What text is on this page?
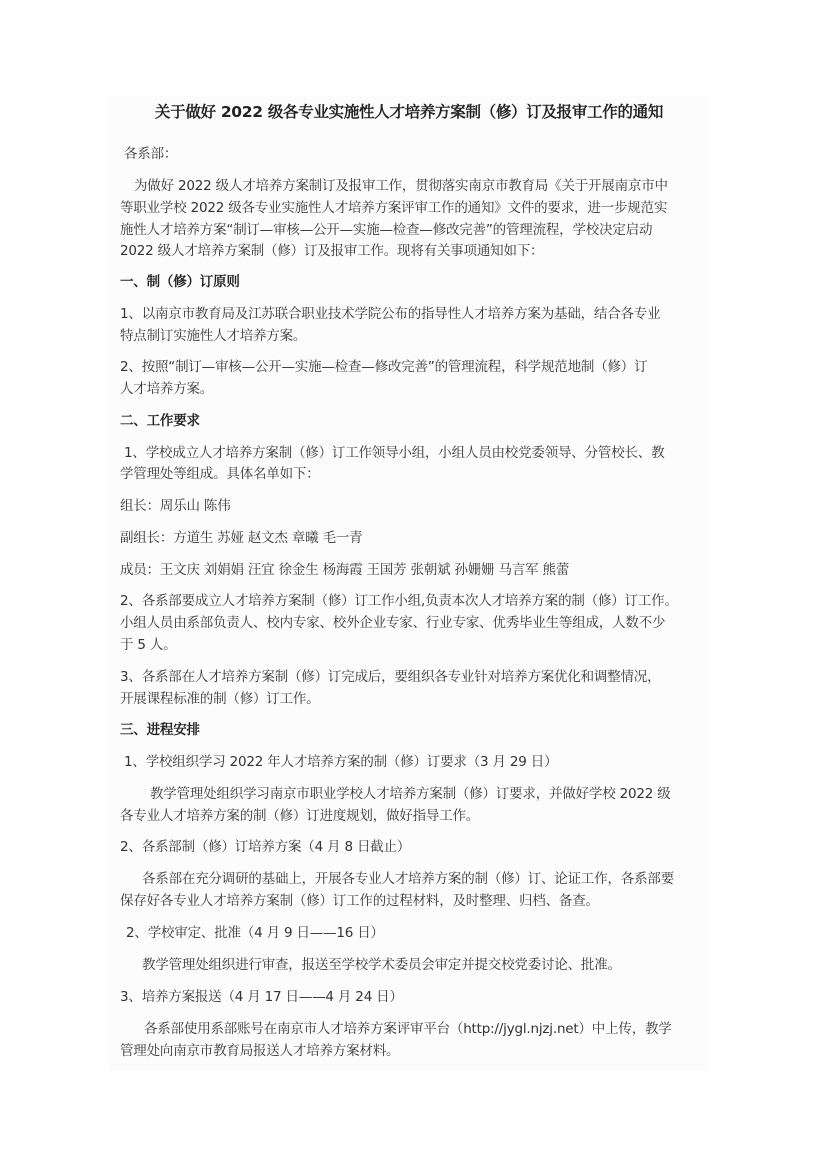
关于做好 2022 级各专业实施性人才培养方案制（修）订及报审工作的通知
各系部：
为做好 2022 级人才培养方案制订及报审工作，贯彻落实南京市教育局《关于开展南京市中
等职业学校 2022 级各专业实施性人才培养方案评审工作的通知》文件的要求，进一步规范实
施性人才培养方案“制订—审核—公开—实施—检查—修改完善”的管理流程，学校决定启动
2022 级人才培养方案制（修）订及报审工作。现将有关事项通知如下：
一、制（修）订原则
1、以南京市教育局及江苏联合职业技术学院公布的指导性人才培养方案为基础，结合各专业
特点制订实施性人才培养方案。
2、按照“制订—审核—公开—实施—检查—修改完善”的管理流程，科学规范地制（修）订
人才培养方案。
二、工作要求
1、学校成立人才培养方案制（修）订工作领导小组，小组人员由校党委领导、分管校长、教
学管理处等组成。具体名单如下：
组长：周乐山 陈伟
副组长：方道生 苏娅 赵文杰 章曦 毛一青
成员：王文庆 刘娟娟 汪宜 徐金生 杨海霞 王国芳 张朝斌 孙姗姗 马言军 熊蕾
2、各系部要成立人才培养方案制（修）订工作小组,负责本次人才培养方案的制（修）订工作。
小组人员由系部负责人、校内专家、校外企业专家、行业专家、优秀毕业生等组成，人数不少
于 5 人。
3、各系部在人才培养方案制（修）订完成后，要组织各专业针对培养方案优化和调整情况，
开展课程标准的制（修）订工作。
三、进程安排
1、学校组织学习 2022 年人才培养方案的制（修）订要求（3 月 29 日）
教学管理处组织学习南京市职业学校人才培养方案制（修）订要求，并做好学校 2022 级
各专业人才培养方案的制（修）订进度规划，做好指导工作。
2、各系部制（修）订培养方案（4 月 8 日截止）
各系部在充分调研的基础上，开展各专业人才培养方案的制（修）订、论证工作，各系部要
保存好各专业人才培养方案制（修）订工作的过程材料，及时整理、归档、备查。
2、学校审定、批准（4 月 9 日——16 日）
教学管理处组织进行审查，报送至学校学术委员会审定并提交校党委讨论、批准。
3、培养方案报送（4 月 17 日——4 月 24 日）
各系部使用系部账号在南京市人才培养方案评审平台（http://jygl.njzj.net）中上传，教学
管理处向南京市教育局报送人才培养方案材料。
